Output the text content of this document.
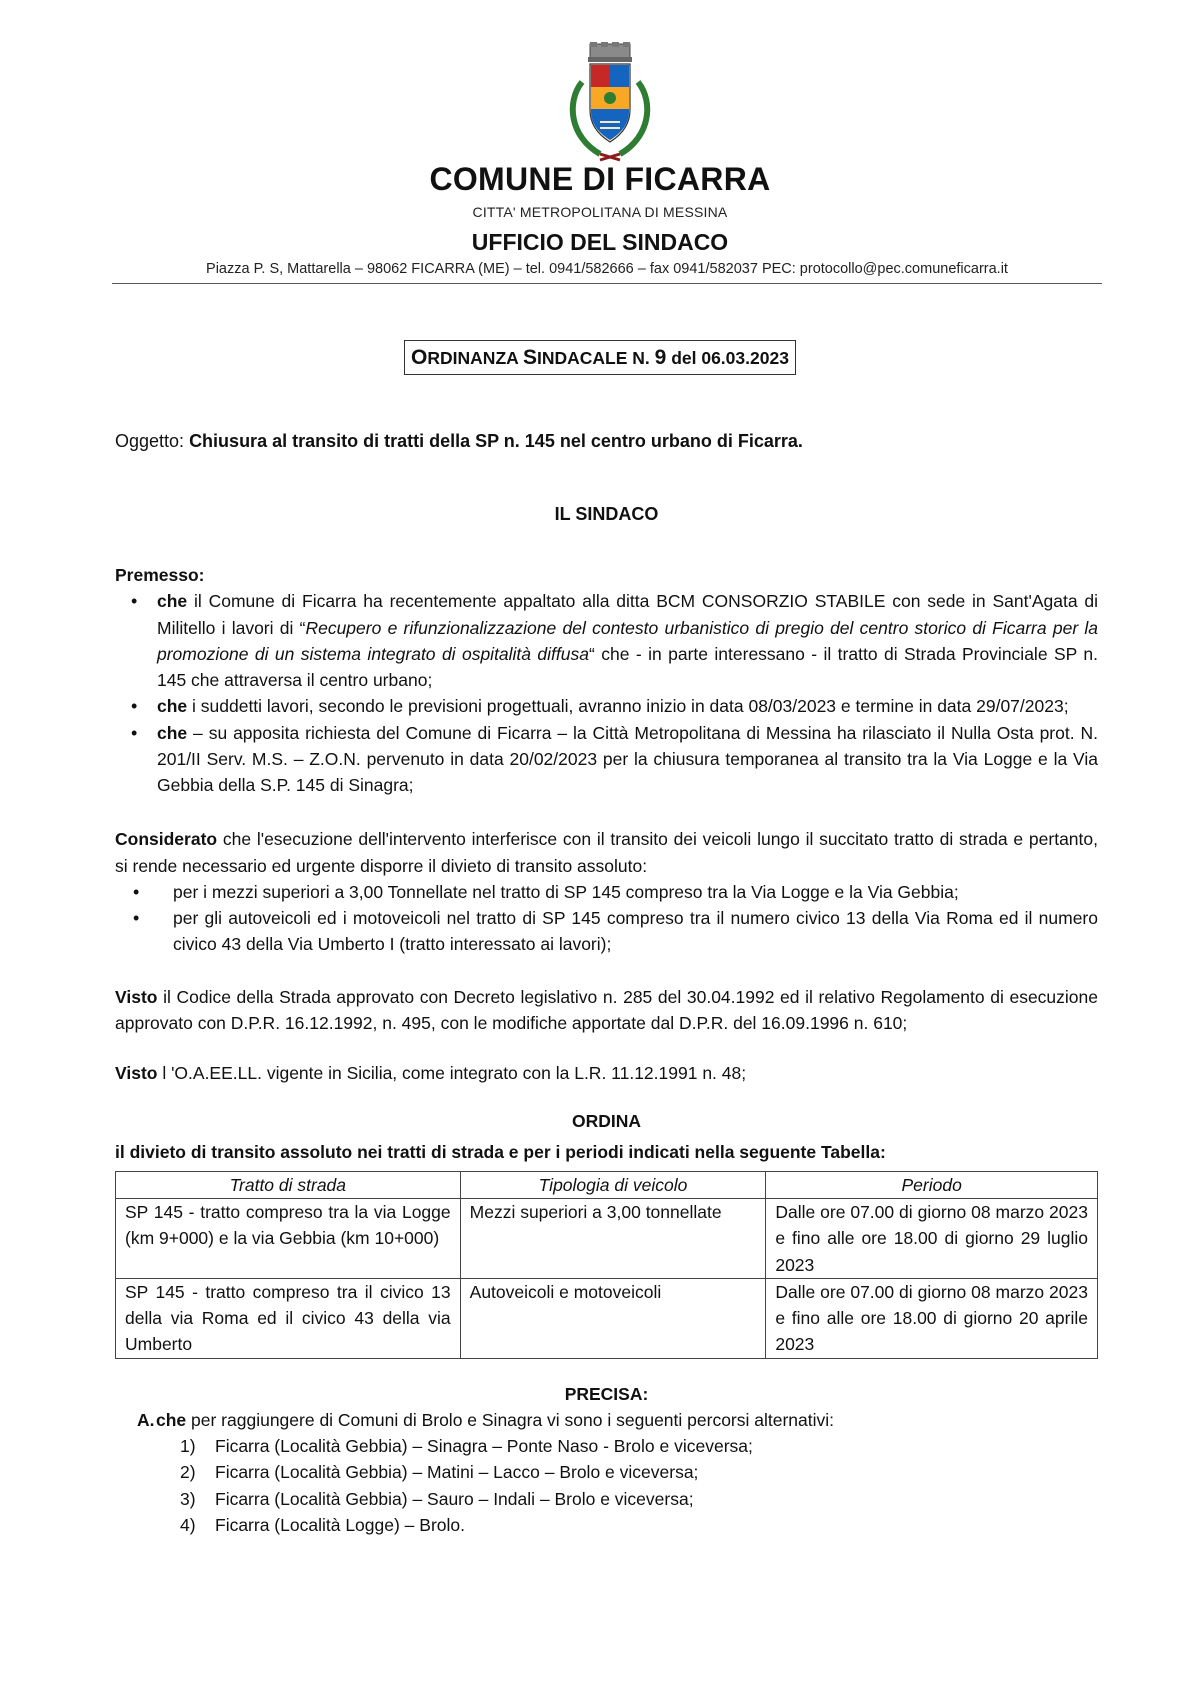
COMUNE DI FICARRA
CITTA' METROPOLITANA DI MESSINA
UFFICIO DEL SINDACO
Piazza P. S, Mattarella – 98062 FICARRA (ME) – tel. 0941/582666 – fax 0941/582037 PEC: protocollo@pec.comuneficarra.it
ORDINANZA SINDACALE N. 9 del 06.03.2023
Oggetto: Chiusura al transito di tratti della SP n. 145 nel centro urbano di Ficarra.
IL SINDACO
Premesso:
• che il Comune di Ficarra ha recentemente appaltato alla ditta BCM CONSORZIO STABILE con sede in Sant'Agata di Militello i lavori di “Recupero e rifunzionalizzazione del contesto urbanistico di pregio del centro storico di Ficarra per la promozione di un sistema integrato di ospitalità diffusa“ che - in parte interessano - il tratto di Strada Provinciale SP n. 145 che attraversa il centro urbano;
• che i suddetti lavori, secondo le previsioni progettuali, avranno inizio in data 08/03/2023 e termine in data 29/07/2023;
• che – su apposita richiesta del Comune di Ficarra – la Città Metropolitana di Messina ha rilasciato il Nulla Osta prot. N. 201/II Serv. M.S. – Z.O.N. pervenuto in data 20/02/2023 per la chiusura temporanea al transito tra la Via Logge e la Via Gebbia della S.P. 145 di Sinagra;
Considerato che l'esecuzione dell'intervento interferisce con il transito dei veicoli lungo il succitato tratto di strada e pertanto, si rende necessario ed urgente disporre il divieto di transito assoluto:
• per i mezzi superiori a 3,00 Tonnellate nel tratto di SP 145 compreso tra la Via Logge e la Via Gebbia;
• per gli autoveicoli ed i motoveicoli nel tratto di SP 145 compreso tra il numero civico 13 della Via Roma ed il numero civico 43 della Via Umberto I (tratto interessato ai lavori);
Visto il Codice della Strada approvato con Decreto legislativo n. 285 del 30.04.1992 ed il relativo Regolamento di esecuzione approvato con D.P.R. 16.12.1992, n. 495, con le modifiche apportate dal D.P.R. del 16.09.1996 n. 610;
Visto l 'O.A.EE.LL. vigente in Sicilia, come integrato con la L.R. 11.12.1991 n. 48;
ORDINA
il divieto di transito assoluto nei tratti di strada e per i periodi indicati nella seguente Tabella:
Tratto di strada	Tipologia di veicolo	Periodo
SP 145 - tratto compreso tra la via Logge (km 9+000) e la via Gebbia (km 10+000)	Mezzi superiori a 3,00 tonnellate	Dalle ore 07.00 di giorno 08 marzo 2023 e fino alle ore 18.00 di giorno 29 luglio 2023
SP 145 - tratto compreso tra il civico 13 della via Roma ed il civico 43 della via Umberto	Autoveicoli e motoveicoli	Dalle ore 07.00 di giorno 08 marzo 2023 e fino alle ore 18.00 di giorno 20 aprile 2023
PRECISA:
A. che per raggiungere di Comuni di Brolo e Sinagra vi sono i seguenti percorsi alternativi:
1) Ficarra (Località Gebbia) – Sinagra – Ponte Naso - Brolo e viceversa;
2) Ficarra (Località Gebbia) – Matini – Lacco – Brolo e viceversa;
3) Ficarra (Località Gebbia) – Sauro – Indali – Brolo e viceversa;
4) Ficarra (Località Logge) – Brolo.
